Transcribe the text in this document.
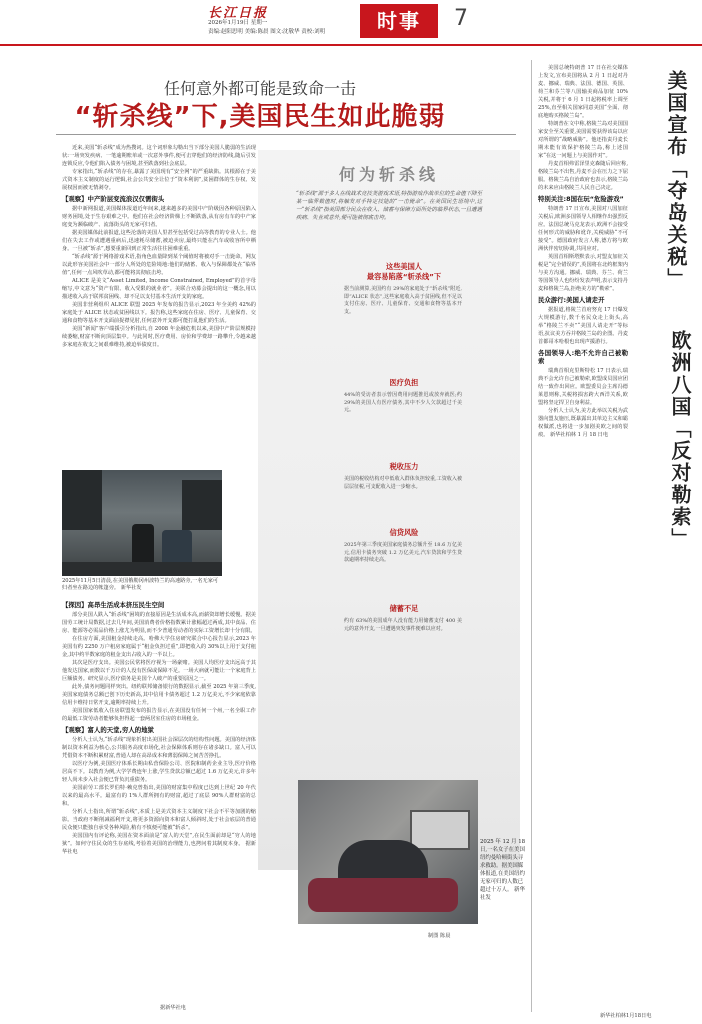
长江日报
2026年1月19日 星期一
责编:赵阳思明 美编:陈晨 图文:沈敬华 责校:刘明	时事	7
任何意外都可能是致命一击
“斩杀线”下,美国民生如此脆弱

近来,美国“斩杀线”成为热搜词。这个词形象勾勒出当下部分美国人脆弱的生活现状:一场突发疾病、一笔逾期账单或一次意外事件,便可击穿他们的经济防线,随后引发连锁反应,令他们陷入债务与困境,甚至跌落到社会底层。

专家指出,“斩杀线”的存在,暴露了美国现有“安全网”的严重缺陷。其根源在于美式资本主义制度的运行逻辑,社会公共安全让位于“资本利润”,贫困群体的生存权、发展权因而被无情剥夺。

【观察】中产阶层变流浪汉仅需街头

据中新网报道,美国媒体报道近年间来,越来越多的美国中产阶级因各种原因陷入财务困境,处于生存艰难之中。他们在社会经济阶梯上不断跌落,从有房有车的中产家庭变为濒临破产、流落街头的无家可归者。

据美国媒体此前报道,这些沦落的美国人里甚至包括受过高等教育的专业人士。他们在失去工作或遭遇重病后,迅速耗尽储蓄,被迫卖房,最终只能在汽车或收容所中栖身。一旦被“斩杀”,想要重新回到正常生活往往困难重重。

“斩杀线”源于网络游戏术语,指角色血量降到某个阈值时将被对手一击毙命。网友以此形容美国社会中一部分人所处的危险境地:他们的储蓄、收入与保障都处在“临界值”,任何一点风吹草动,都可能将其彻底击垮。

ALICE 是美文“Asset Limited, Income Constrained, Employed”的首字母缩写,中文意为“资产有限、收入受限的就业者”。美联合劝募会提出的这一概念,用以描述收入高于联邦贫困线、却不足以支付基本生活开支的家庭。

美国非营利组织 ALICE 联盟 2025 年发布的报告显示,2023 年全美约 42%的家庭处于 ALICE 状态或贫困线以下。报告称,这些家庭在住房、医疗、儿童保育、交通和食物等基本开支面前捉襟见肘,任何意外开支都可能打乱他们的生活。

美国“新闻”客户端援引分析指出,自 2008 年金融危机以来,美国中产阶层规模持续萎缩,财富不断向顶层集中。与此同时,医疗费用、房价和学费却一路攀升,令越来越多家庭在收支之间艰难维持,被迫举债度日。

2025年11月5日清晨,在美国俄勒冈州波特兰的高速路旁,一名无家可归者坐在路边的帐篷旁。 新华社发
【探因】高昂生活成本挤压民生空间

部分美国人跌入“斩杀线”困境的直接原因是生活成本高,而薪资却增长缓慢。据美国劳工统计局数据,过去几年间,美国消费者价格指数累计涨幅超过两成,其中食品、住房、能源等必需品价格上涨尤为明显,而不少普通劳动者的实际工资增长却十分有限。

在住房方面,美国租金持续走高。哈佛大学住房研究联合中心报告显示,2023 年美国有约 2250 万户租房家庭属于“租金负担过重”,即把收入的 30%以上用于支付租金,其中约半数家庭的租金支出占收入的一半以上。

其次是医疗支出。美国公民常将医疗视为一场豪赌。美国人均医疗支出远高于其他发达国家,而数以千万计的人没有医保或保障不足。一场大病就可能让一个家庭背上巨额债务。研究显示,医疗债务是美国个人破产的重要原因之一。

此外,债务问题同样突出。纽约联邦储备银行的数据显示,截至 2025 年第三季度,美国家庭债务总额已创下历史新高,其中信用卡债务超过 1.2 万亿美元,不少家庭依靠信用卡维持日常开支,逾期率持续上升。

美国国家低收入住房联盟发布的报告显示,在美国没有任何一个州,一名全职工作的最低工资劳动者能够负担得起一套两居室住房的市场租金。

【观察】富人的天堂,穷人的地狱

分析人士认为,“斩杀线”现象折射出美国社会深层次的结构性问题。美国的经济体制以资本利益为核心,公共服务高度市场化,社会保障体系则存在诸多缺口。富人可以凭借资本不断积累财富,普通人却在高昂成本和薄弱保障之间苦苦挣扎。

以医疗为例,美国医疗体系长期由私营保险公司、医院和制药企业主导,医疗价格居高不下。以教育为例,大学学费连年上涨,学生贷款总额已超过 1.6 万亿美元,许多年轻人尚未步入社会便已背负沉重债务。

美国前劳工部长罗伯特·赖克曾指出,美国的财富集中程度已达到上世纪 20 年代以来的最高水平。最富有的 1%人群所拥有的财富,超过了底层 90%人群财富的总和。

分析人士指出,所谓“斩杀线”,本质上是美式资本主义制度下社会不平等加剧的缩影。当政府不断削减福利开支,将更多资源向资本和富人倾斜时,处于社会底层的普通民众便只能独自承受各种风险,稍有不慎便可能被“斩杀”。

美国国内有评论称,美国在资本面前是“富人的天堂”,在民生面前却是“穷人的地狱”。如何守住民众的生存底线,考验着美国的治理能力,也拷问着其制度本身。 据新华社电

何为斩杀线
“斩杀线”源于多人在线战术竞技类游戏术语,特指游戏作战单位的生命值下降至某一临界数值时,将触发对手特定技能的“一击毙命”。在美国民生语境中,这一“斩杀线”指美国部分民众在收入、储蓄与保障方面所处的临界状态,一旦遭遇疾病、失业或意外,便可能被彻底击垮。
这些美国人
最容易陷落“斩杀线”下
据当前测算,美国约有 29%的家庭处于“斩杀线”附近,即“ALICE 状态”,这些家庭收入高于贫困线,但不足以支付住房、医疗、儿童保育、交通和食物等基本开支。
医疗负担
44%的受访者表示曾因费用问题推迟或放弃就医;约 29%的美国人有医疗债务,其中不少人欠款超过千美元。
税收压力
美国的税收结构对中低收入群体负担较重,工资收入被层层征税,可支配收入进一步缩水。
信贷风险
2025年第三季度美国家庭债务总额升至 18.6 万亿美元,信用卡债务突破 1.2 万亿美元,汽车贷款和学生贷款逾期率持续走高。
储蓄不足
约有 63%的美国成年人没有能力用储蓄支付 400 美元的意外开支,一旦遭遇突发事件便难以应对。
2025 年 12 月 18 日,一名女子在美国纽约曼哈顿街头寻求救助。据美国媒体报道,在美国纽约无家可归的人数已超过十万人。 新华社发
制图 陈晨
据新华社电
美国宣布「夺岛关税」
欧洲八国「反对勒索」

美国总统特朗普 17 日在社交媒体上发文,宣布美国将从 2 月 1 日起对丹麦、挪威、瑞典、法国、德国、英国、荷兰和芬兰等八国输美商品加征 10%关税,并将于 6 月 1 日起将税率上调至 25%,直至相关国家同意美国“全面、彻底地购买格陵兰岛”。

特朗普在文中称,格陵兰岛对美国国家安全至关重要,美国需要获得该岛以应对所谓的“战略威胁”。他还指责丹麦长期未能有效保护格陵兰岛,称上述国家“在这一问题上与美国作对”。

丹麦首相弗雷泽里克森随后回应称,格陵兰岛不出售,丹麦不会在压力之下屈服。格陵兰岛自治政府也表示,格陵兰岛的未来应由格陵兰人民自己决定。

特别关注:8国在玩“危险游戏”

特朗普 17 日宣布,美国对八国加征关税后,欧洲多国领导人相继作出强烈反应。法国总统马克龙表示,欧洲不会接受任何形式的威胁和讹诈,关税威胁“不可接受”。德国政府发言人称,德方将与欧洲伙伴密切协调,共同应对。

英国首相斯塔默表示,对盟友加征关税是“完全错误的”,英国将在北约框架内与美方沟通。挪威、瑞典、芬兰、荷兰等国领导人也纷纷发表声明,表示支持丹麦和格陵兰岛,拒绝美方的“勒索”。

民众游行:美国人请走开

据报道,格陵兰首府努克 17 日爆发大规模游行,数千名民众走上街头,高举“格陵兰不卖”“美国人请走开”等标语,抗议美方吞并格陵兰岛的企图。丹麦首都哥本哈根也出现声援游行。

各国领导人:绝不允许自己被勒索

瑞典首相克里斯特松 17 日表示,瑞典不会允许自己被勒索,欧盟成员国应团结一致作出回应。欧盟委员会主席冯德莱恩则称,关税将损害跨大西洋关系,欧盟将坚定捍卫自身利益。

分析人士认为,美方此举以关税为武器向盟友施压,既暴露出其单边主义和霸权做派,也将进一步加剧美欧之间的裂痕。 新华社柏林 1 月 18 日电

新华社柏林1月18日电
